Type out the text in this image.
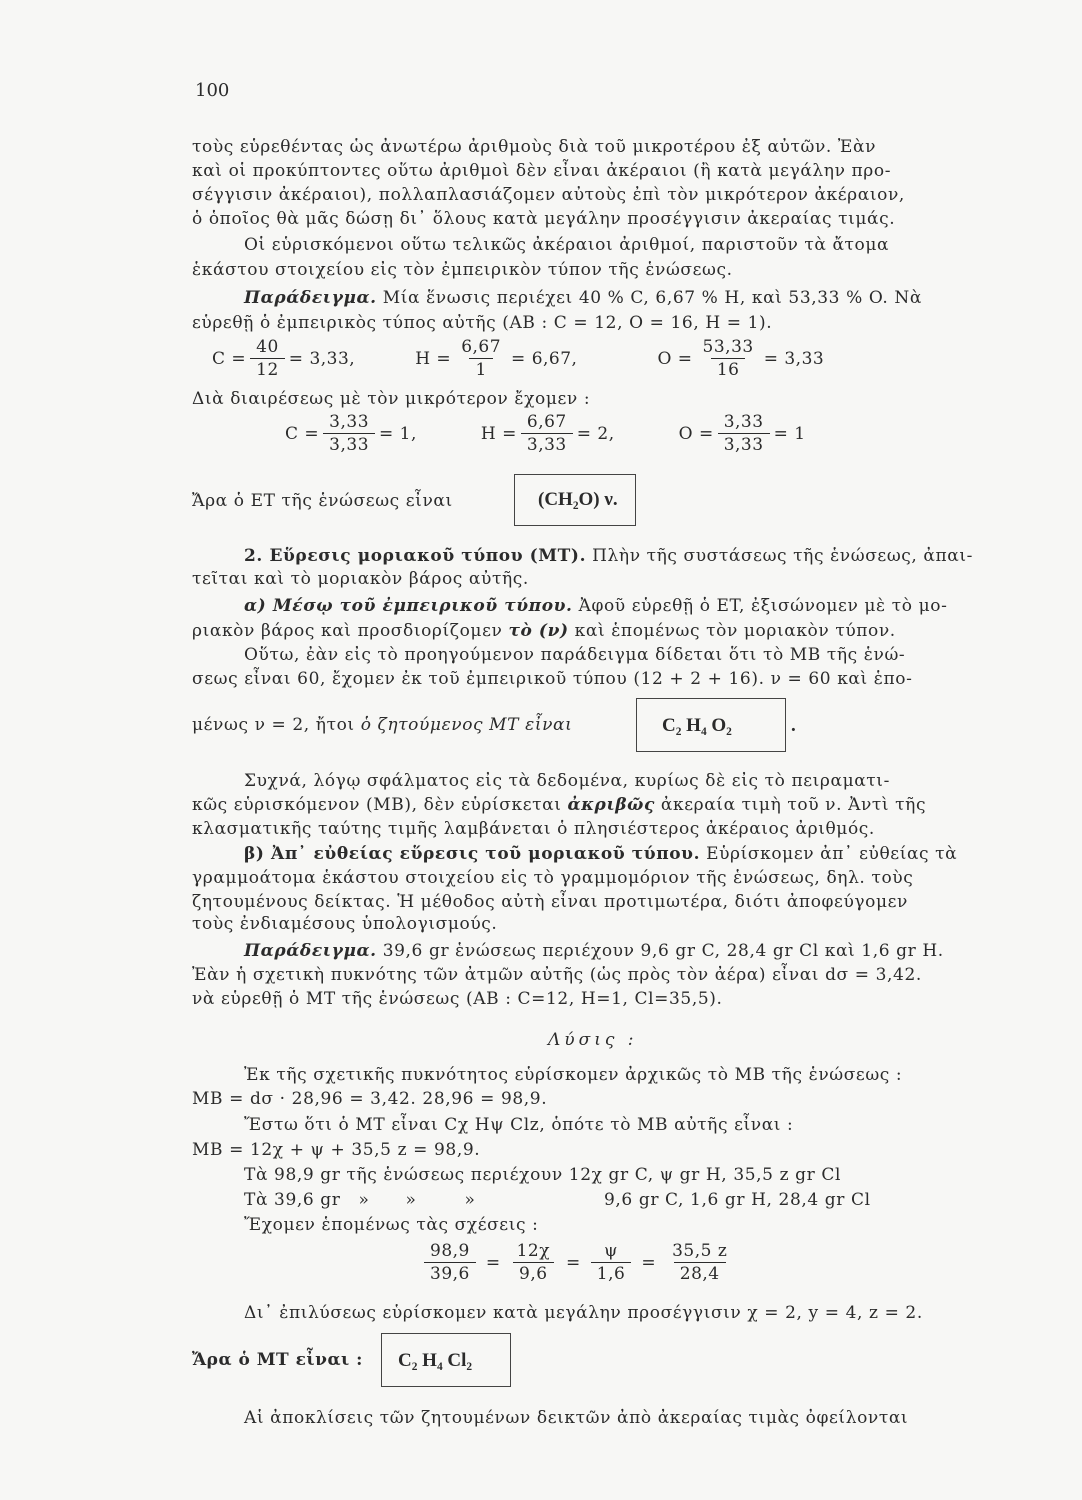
100
τοὺς εὑρεθέντας ὡς ἀνωτέρω ἀριθμοὺς διὰ τοῦ μικροτέρου ἐξ αὐτῶν. Ἐὰν
καὶ οἱ προκύπτοντες οὕτω ἀριθμοὶ δὲν εἶναι ἀκέραιοι (ἢ κατὰ μεγάλην προ-
σέγγισιν ἀκέραιοι), πολλαπλασιάζομεν αὐτοὺς ἐπὶ τὸν μικρότερον ἀκέραιον,
ὁ ὁποῖος θὰ μᾶς δώσῃ δι᾽ ὅλους κατὰ μεγάλην προσέγγισιν ἀκεραίας τιμάς.
Οἱ εὑρισκόμενοι οὕτω τελικῶς ἀκέραιοι ἀριθμοί, παριστοῦν τὰ ἄτομα
ἑκάστου στοιχείου εἰς τὸν ἐμπειρικὸν τύπον τῆς ἑνώσεως.
Παράδειγμα. Μία ἕνωσις περιέχει 40 % C, 6,67 % H, καὶ 53,33 % O. Νὰ
εὑρεθῇ ὁ ἐμπειρικὸς τύπος αὐτῆς (AB : C = 12, O = 16, H = 1).
$C = \frac{40}{12} = 3,33$,	$H = \frac{6,67}{1} = 6,67$,	$O = \frac{53,33}{16} = 3,33$
Διὰ διαιρέσεως μὲ τὸν μικρότερον ἔχομεν :
$C = \frac{3,33}{3,33} = 1$,	$H = \frac{6,67}{3,33} = 2$,	$O = \frac{3,33}{3,33} = 1$
Ἄρα ὁ ET τῆς ἑνώσεως εἶναι	(CH₂O) ν.
2. Εὕρεσις μοριακοῦ τύπου (MT). Πλὴν τῆς συστάσεως τῆς ἑνώσεως, ἀπαι-
τεῖται καὶ τὸ μοριακὸν βάρος αὐτῆς.
α) Μέσῳ τοῦ ἐμπειρικοῦ τύπου. Ἀφοῦ εὑρεθῇ ὁ ET, ἐξισώνομεν μὲ τὸ μο-
ριακὸν βάρος καὶ προσδιορίζομεν τὸ (ν) καὶ ἑπομένως τὸν μοριακὸν τύπον.
Οὕτω, ἐὰν εἰς τὸ προηγούμενον παράδειγμα δίδεται ὅτι τὸ MB τῆς ἑνώ-
σεως εἶναι 60, ἔχομεν ἐκ τοῦ ἐμπειρικοῦ τύπου (12 + 2 + 16). ν = 60 καὶ ἑπο-
μένως ν = 2, ἤτοι ὁ ζητούμενος MT εἶναι	C₂ H₄ O₂	.
Συχνά, λόγῳ σφάλματος εἰς τὰ δεδομένα, κυρίως δὲ εἰς τὸ πειραματι-
κῶς εὑρισκόμενον (MB), δὲν εὑρίσκεται ἀκριβῶς ἀκεραία τιμὴ τοῦ ν. Ἀντὶ τῆς
κλασματικῆς ταύτης τιμῆς λαμβάνεται ὁ πλησιέστερος ἀκέραιος ἀριθμός.
β) Ἀπ᾽ εὐθείας εὕρεσις τοῦ μοριακοῦ τύπου. Εὑρίσκομεν ἀπ᾽ εὐθείας τὰ
γραμμοάτομα ἑκάστου στοιχείου εἰς τὸ γραμμομόριον τῆς ἑνώσεως, δηλ. τοὺς
ζητουμένους δείκτας. Ἡ μέθοδος αὐτὴ εἶναι προτιμωτέρα, διότι ἀποφεύγομεν
τοὺς ἐνδιαμέσους ὑπολογισμούς.
Παράδειγμα. 39,6 gr ἑνώσεως περιέχουν 9,6 gr C, 28,4 gr Cl καὶ 1,6 gr H.
Ἐὰν ἡ σχετικὴ πυκνότης τῶν ἀτμῶν αὐτῆς (ὡς πρὸς τὸν ἀέρα) εἶναι dσ = 3,42.
νὰ εὑρεθῇ ὁ MT τῆς ἑνώσεως (AB : C=12, H=1, Cl=35,5).
Λύσις :
Ἐκ τῆς σχετικῆς πυκνότητος εὑρίσκομεν ἀρχικῶς τὸ MB τῆς ἑνώσεως :
MB = dσ · 28,96 = 3,42. 28,96 = 98,9.
Ἔστω ὅτι ὁ MT εἶναι Cχ Hψ Clz, ὁπότε τὸ MB αὐτῆς εἶναι :
MB = 12χ + ψ + 35,5 z = 98,9.
Τὰ 98,9 gr τῆς ἑνώσεως περιέχουν 12χ gr C, ψ gr H, 35,5 z gr Cl
Τὰ 39,6 gr   »      »        »	9,6 gr C, 1,6 gr H, 28,4 gr Cl
Ἔχομεν ἑπομένως τὰς σχέσεις :
$\frac{98,9}{39,6} = \frac{12\chi}{9,6} = \frac{\psi}{1,6} = \frac{35,5 z}{28,4}$
Δι᾽ ἐπιλύσεως εὑρίσκομεν κατὰ μεγάλην προσέγγισιν χ = 2, y = 4, z = 2.
Ἄρα ὁ MT εἶναι : C₂ H₄ Cl₂
Αἱ ἀποκλίσεις τῶν ζητουμένων δεικτῶν ἀπὸ ἀκεραίας τιμὰς ὀφείλονται
